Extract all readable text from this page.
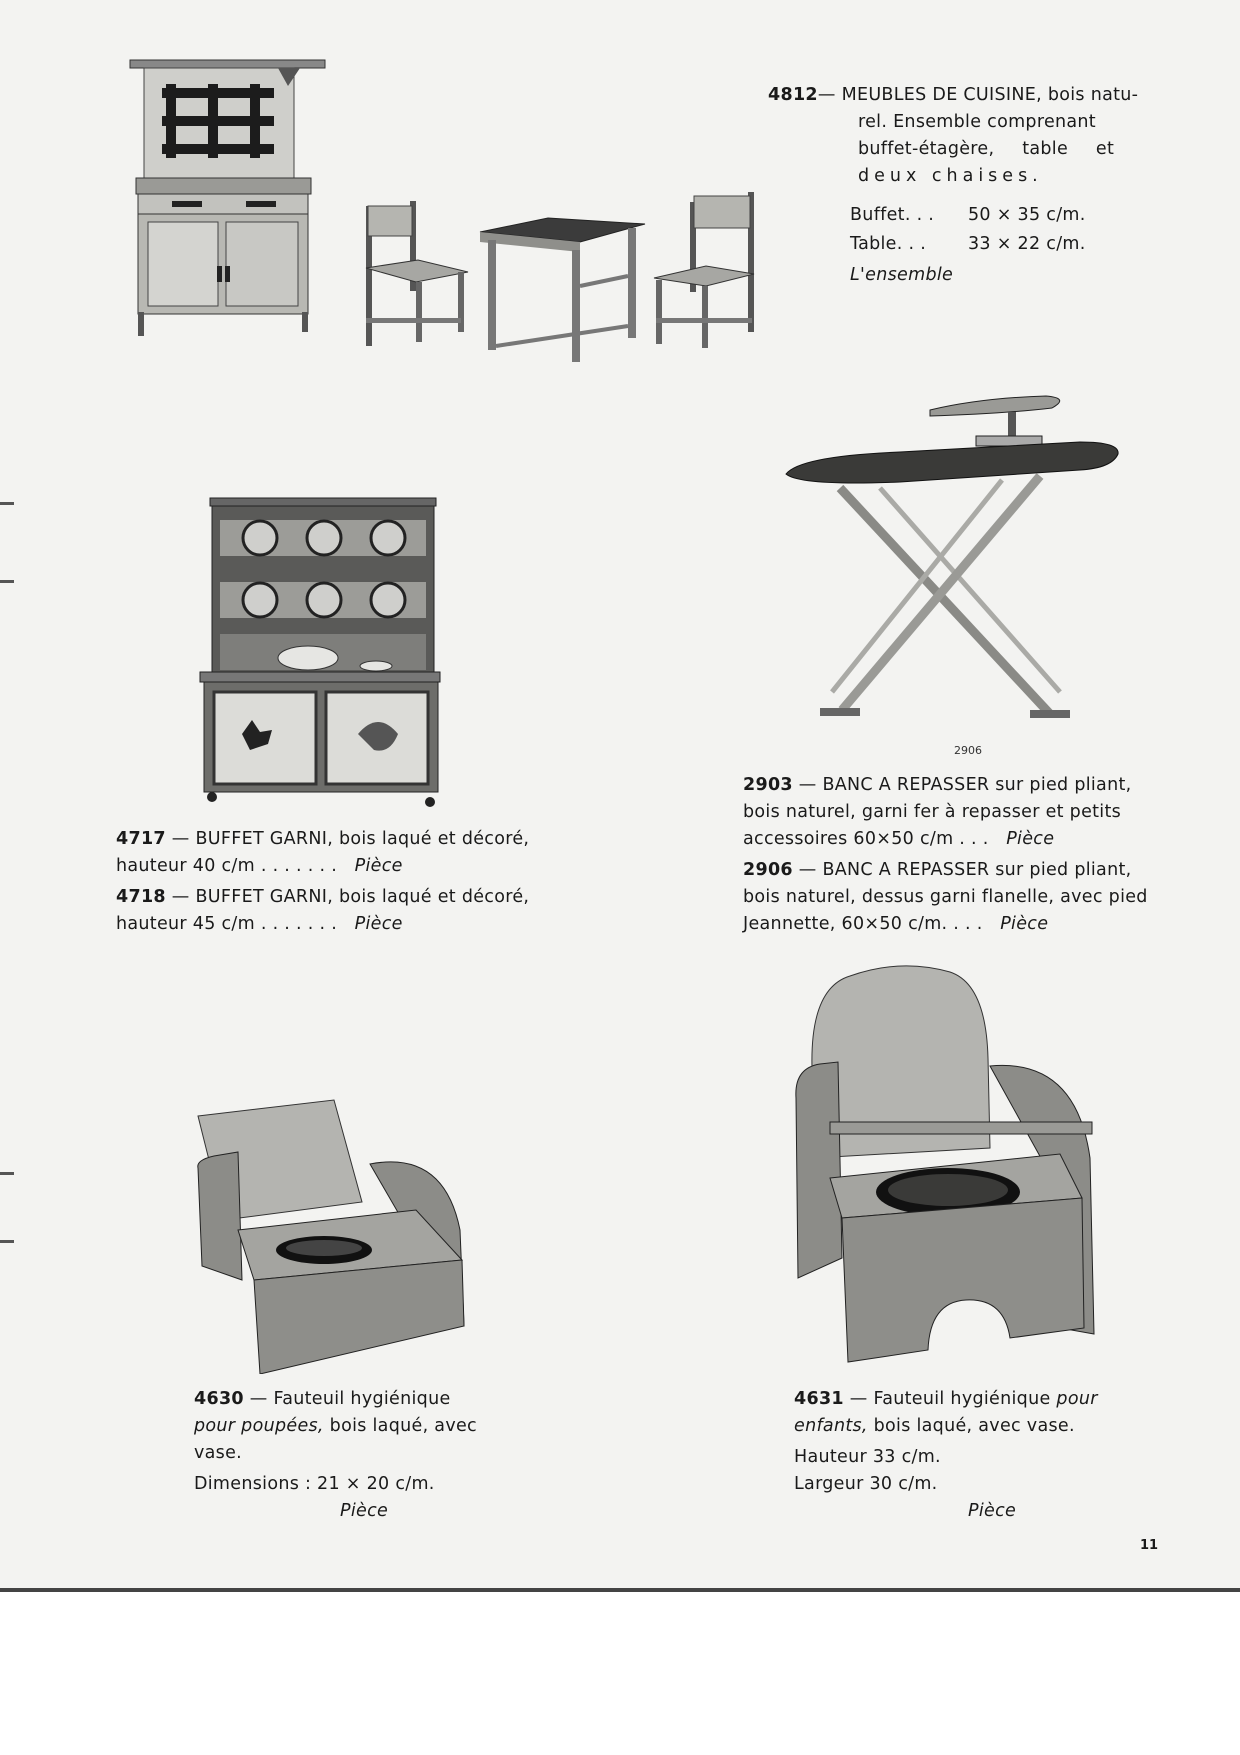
4812— MEUBLES DE CUISINE, bois natu-

rel. Ensemble comprenant

buffet-étagère, table et

deux chaises.

Buffet. . .	50 × 35 c/m.
Table. . .	33 × 22 c/m.

L'ensemble

4717 — BUFFET GARNI, bois laqué et décoré,

hauteur 40 c/m . . . . . . . Pièce

4718 — BUFFET GARNI, bois laqué et décoré,

hauteur 45 c/m . . . . . . . Pièce

2906

2903 — BANC A REPASSER sur pied pliant,

bois naturel, garni fer à repasser et petits

accessoires 60×50 c/m . . . Pièce

2906 — BANC A REPASSER sur pied pliant,

bois naturel, dessus garni flanelle, avec pied

Jeannette, 60×50 c/m. . . . Pièce

4630 — Fauteuil hygiénique

pour poupées, bois laqué, avec

vase.

Dimensions : 21 × 20 c/m.

Pièce

4631 — Fauteuil hygiénique pour

enfants, bois laqué, avec vase.

Hauteur 33 c/m.

Largeur 30 c/m.

Pièce

11
